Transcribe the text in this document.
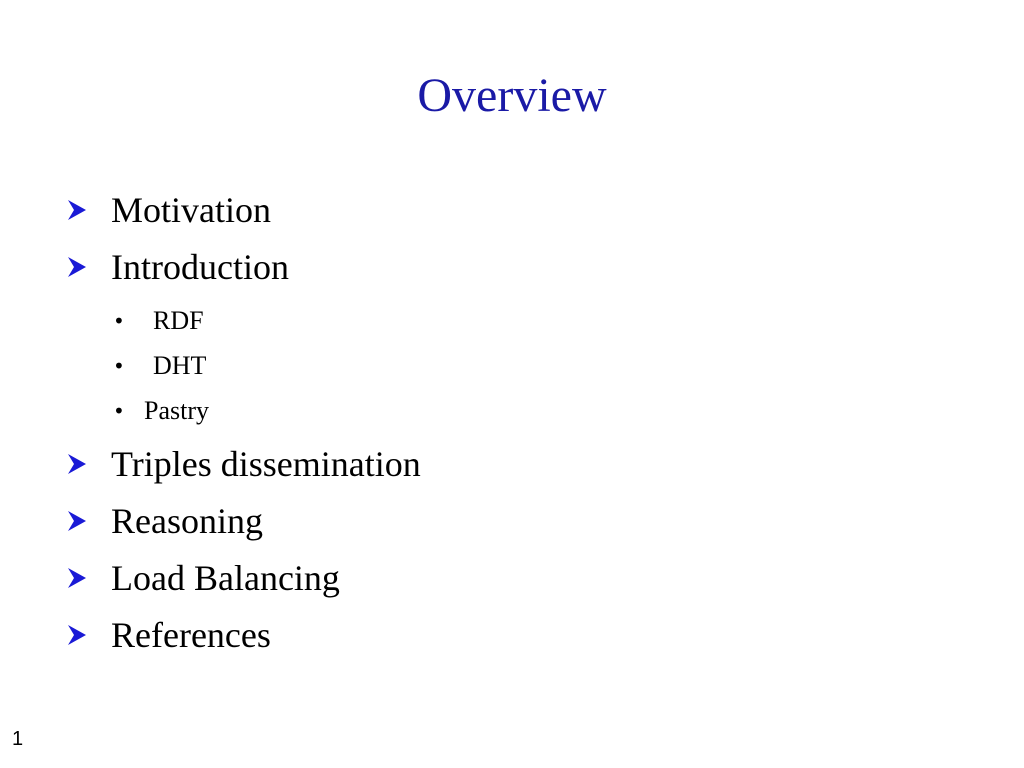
Overview
Motivation
Introduction
• RDF
• DHT
• Pastry
Triples dissemination
Reasoning
Load Balancing
References
1
